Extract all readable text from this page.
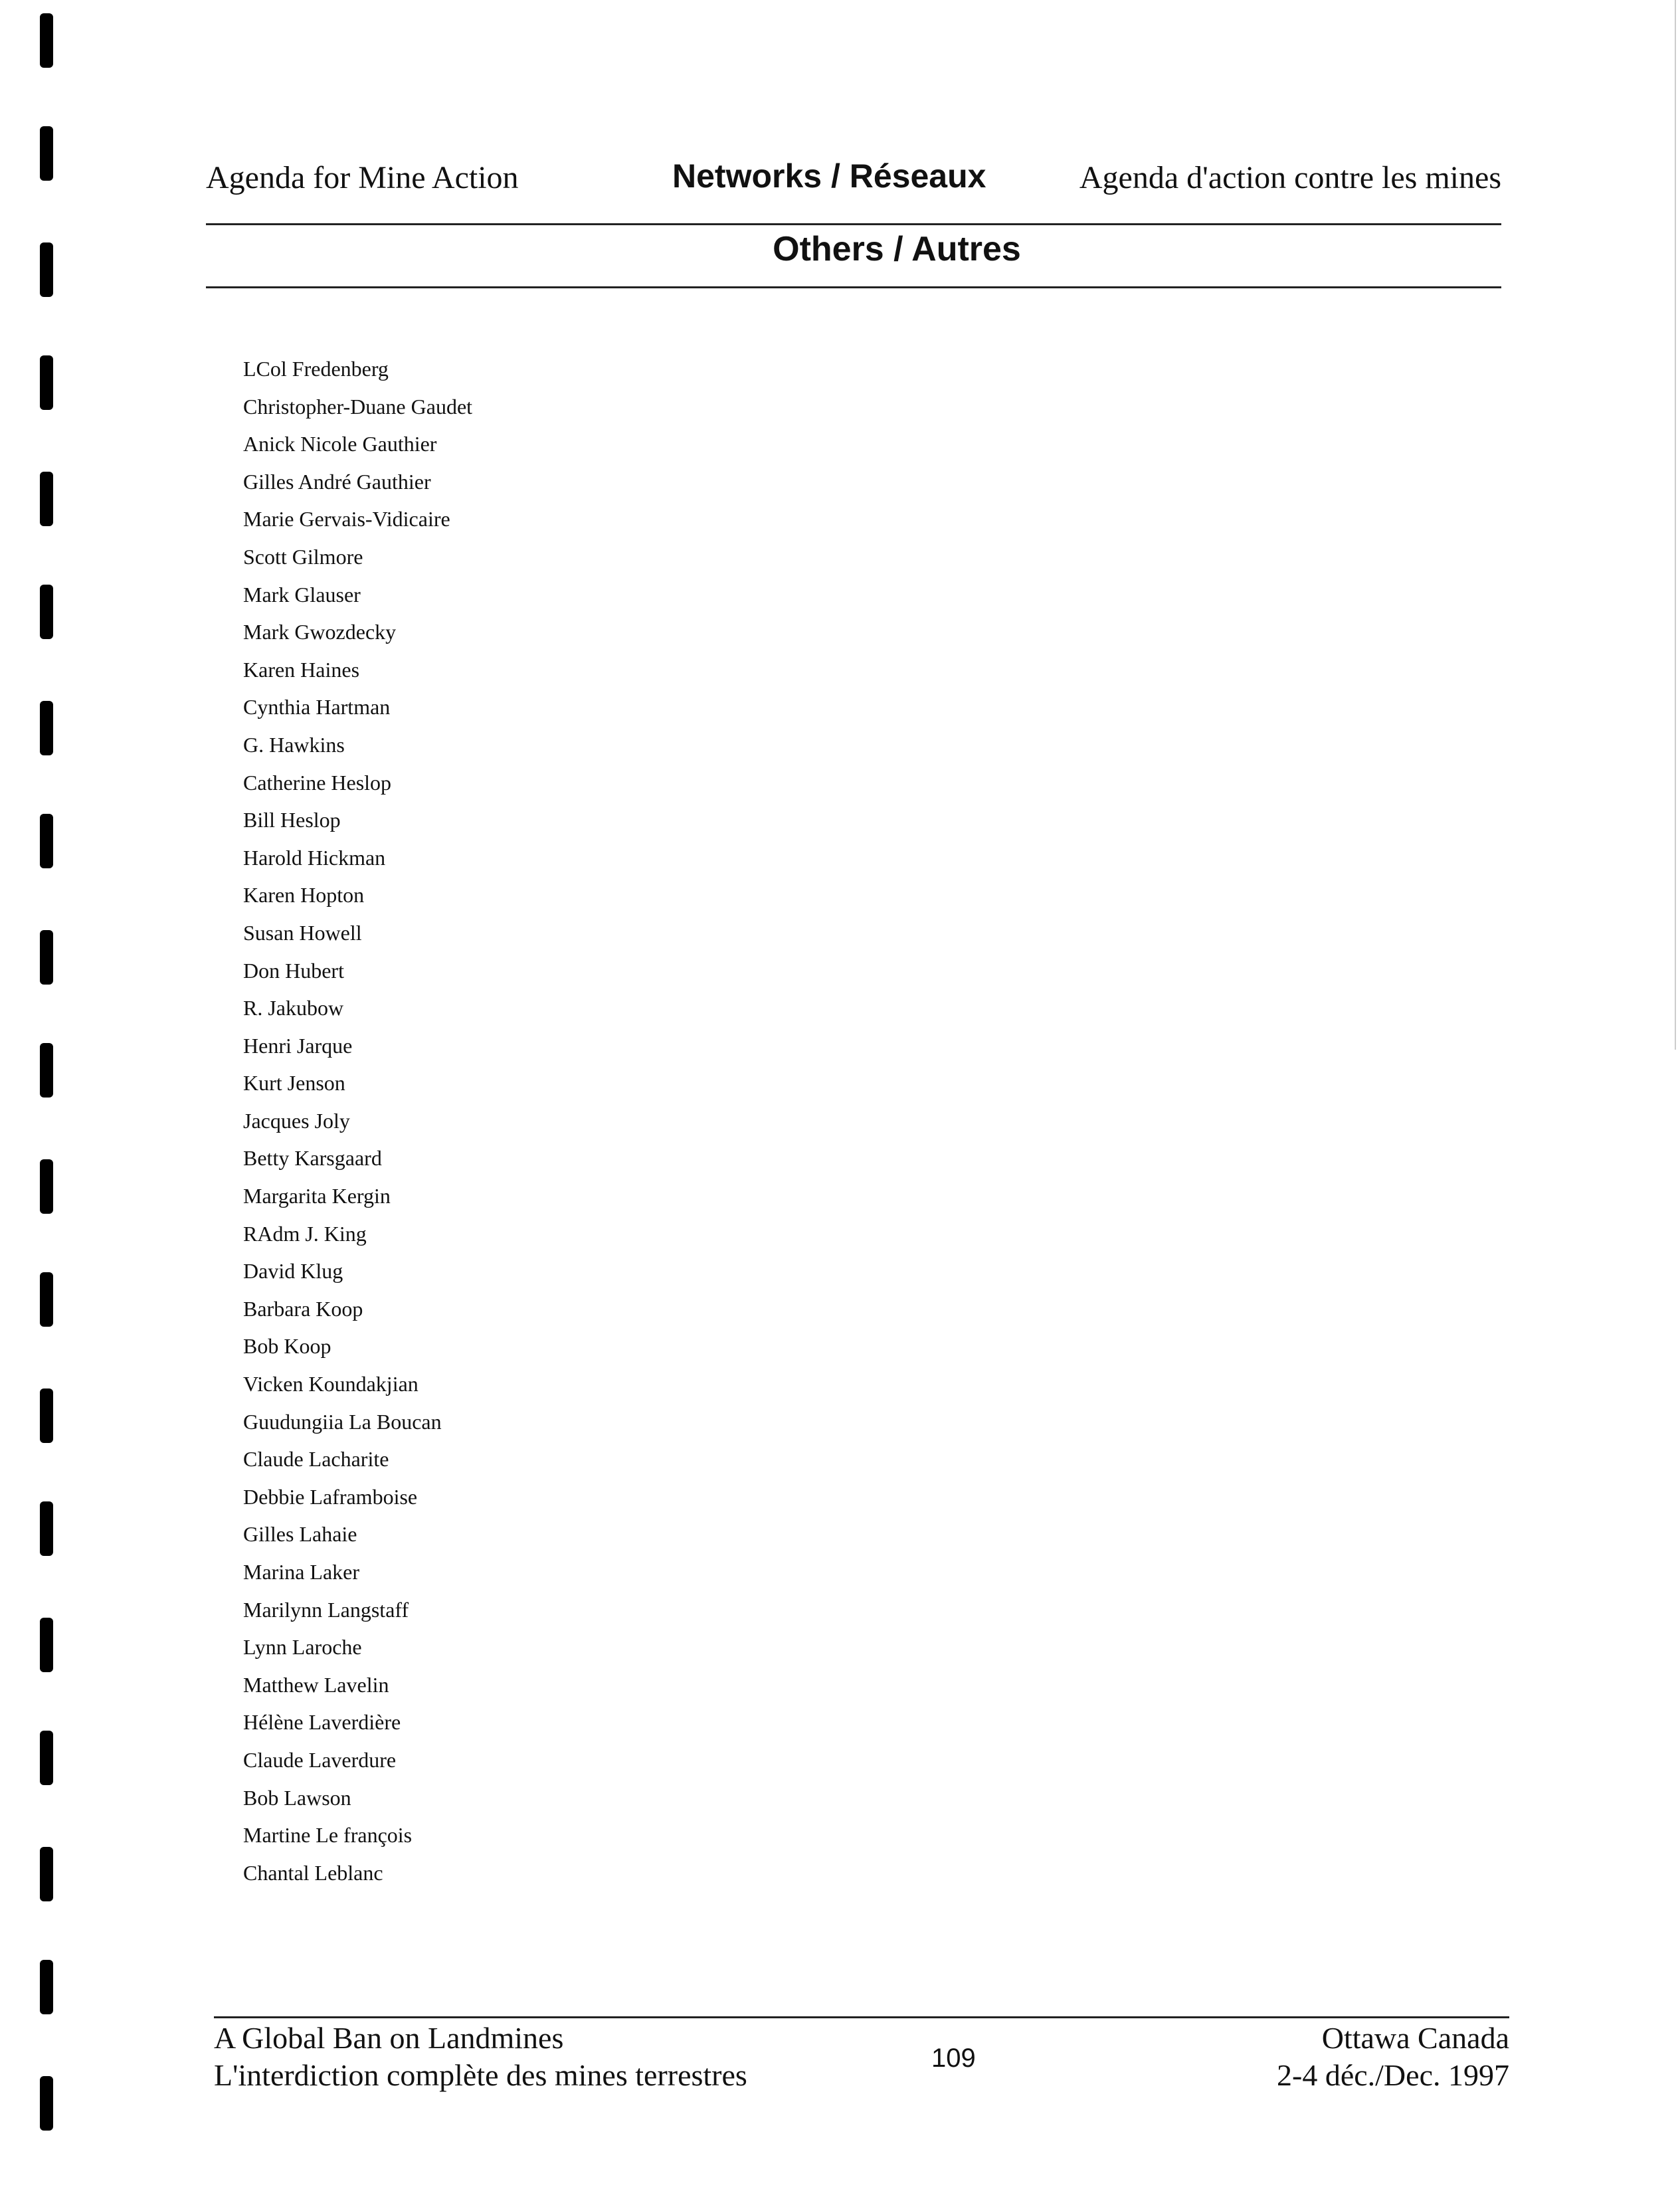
Agenda for Mine Action	Networks / Réseaux	Agenda d'action contre les mines
Others / Autres
LCol Fredenberg
Christopher-Duane Gaudet
Anick Nicole Gauthier
Gilles André Gauthier
Marie Gervais-Vidicaire
Scott Gilmore
Mark Glauser
Mark Gwozdecky
Karen Haines
Cynthia Hartman
G. Hawkins
Catherine Heslop
Bill Heslop
Harold Hickman
Karen Hopton
Susan Howell
Don Hubert
R. Jakubow
Henri Jarque
Kurt Jenson
Jacques Joly
Betty Karsgaard
Margarita Kergin
RAdm J. King
David Klug
Barbara Koop
Bob Koop
Vicken Koundakjian
Guudungiia La Boucan
Claude Lacharite
Debbie Laframboise
Gilles Lahaie
Marina Laker
Marilynn Langstaff
Lynn Laroche
Matthew Lavelin
Hélène Laverdière
Claude Laverdure
Bob Lawson
Martine Le françois
Chantal Leblanc
A Global Ban on Landmines
L'interdiction complète des mines terrestres	109
Ottawa Canada
2-4 déc./Dec. 1997
